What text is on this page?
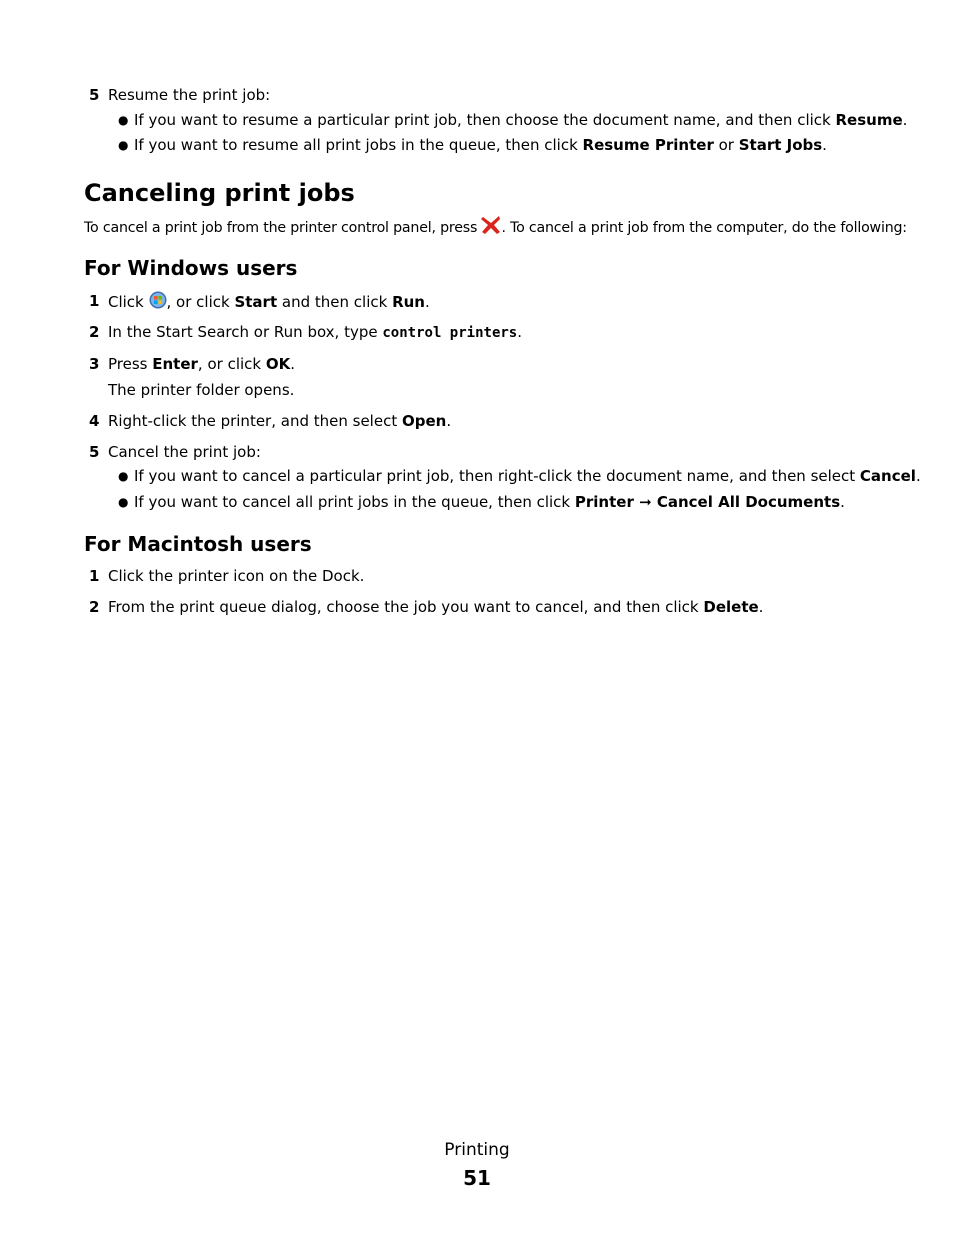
5 Resume the print job:
● If you want to resume a particular print job, then choose the document name, and then click Resume.
● If you want to resume all print jobs in the queue, then click Resume Printer or Start Jobs.
Canceling print jobs
To cancel a print job from the printer control panel, press . To cancel a print job from the computer, do the following:
For Windows users
1 Click , or click Start and then click Run.
2 In the Start Search or Run box, type control printers.
3 Press Enter, or click OK.
The printer folder opens.
4 Right-click the printer, and then select Open.
5 Cancel the print job:
● If you want to cancel a particular print job, then right-click the document name, and then select Cancel.
● If you want to cancel all print jobs in the queue, then click Printer ➞ Cancel All Documents.
For Macintosh users
1 Click the printer icon on the Dock.
2 From the print queue dialog, choose the job you want to cancel, and then click Delete.
Printing
51
